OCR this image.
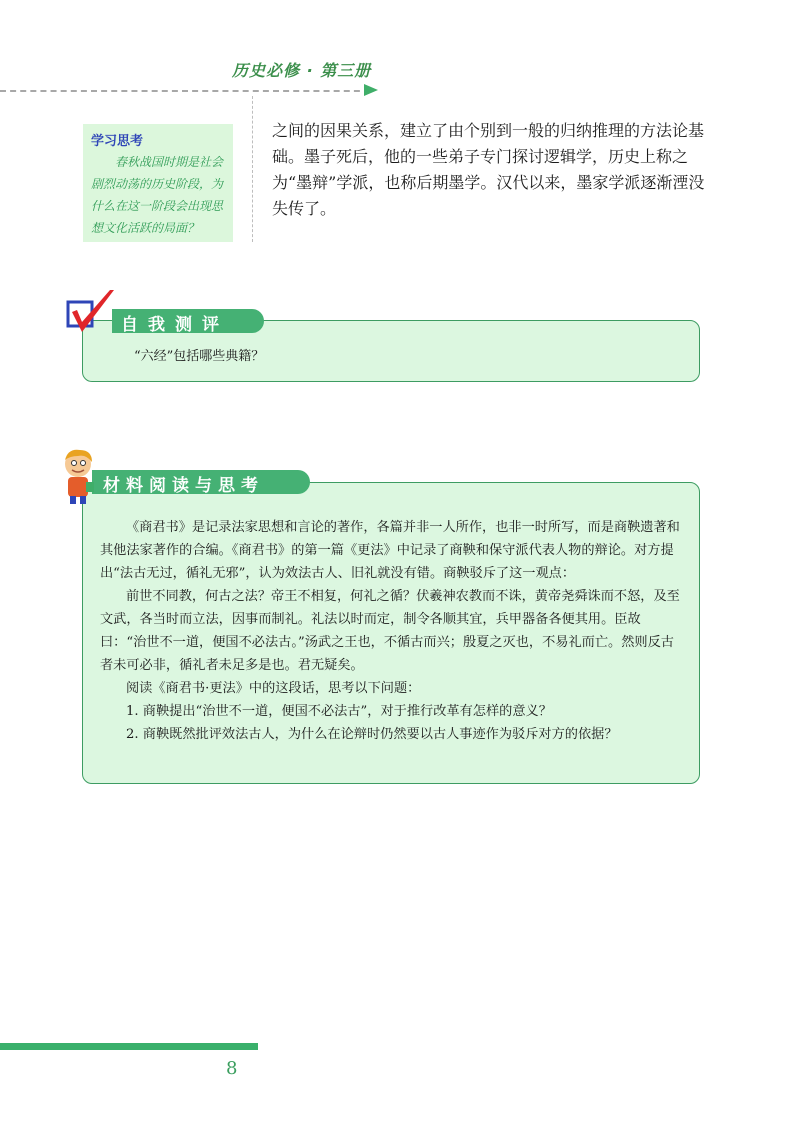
历史必修 · 第三册
学习思考

春秋战国时期是社会剧烈动荡的历史阶段，为什么在这一阶段会出现思想文化活跃的局面？

之间的因果关系，建立了由个别到一般的归纳推理的方法论基础。墨子死后，他的一些弟子专门探讨逻辑学，历史上称之为“墨辩”学派，也称后期墨学。汉代以来，墨家学派逐渐湮没失传了。

自我测评

“六经”包括哪些典籍？

材料阅读与思考

《商君书》是记录法家思想和言论的著作，各篇并非一人所作，也非一时所写，而是商鞅遗著和其他法家著作的合编。《商君书》的第一篇《更法》中记录了商鞅和保守派代表人物的辩论。对方提出“法古无过，循礼无邪”，认为效法古人、旧礼就没有错。商鞅驳斥了这一观点：

前世不同教，何古之法？帝王不相复，何礼之循？伏羲神农教而不诛，黄帝尧舜诛而不怒，及至文武，各当时而立法，因事而制礼。礼法以时而定，制令各顺其宜，兵甲器备各便其用。臣故曰：“治世不一道，便国不必法古。”汤武之王也，不循古而兴；殷夏之灭也，不易礼而亡。然则反古者未可必非，循礼者未足多是也。君无疑矣。

阅读《商君书·更法》中的这段话，思考以下问题：

1. 商鞅提出“治世不一道，便国不必法古”，对于推行改革有怎样的意义？

2. 商鞅既然批评效法古人，为什么在论辩时仍然要以古人事迹作为驳斥对方的依据？

8
